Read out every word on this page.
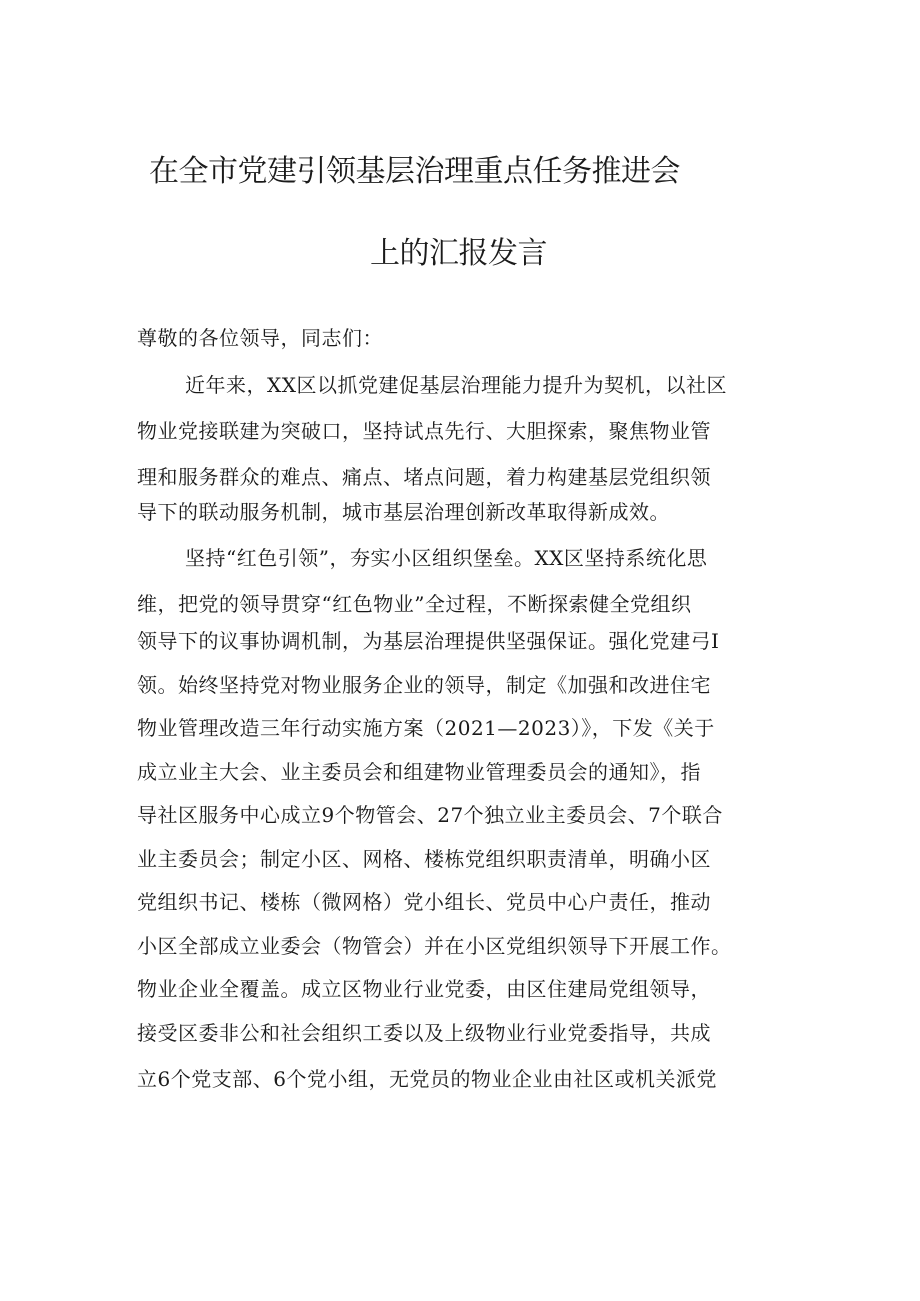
在全市党建引领基层治理重点任务推进会
上的汇报发言
尊敬的各位领导，同志们：
近年来，XX区以抓党建促基层治理能力提升为契机，以社区
物业党接联建为突破口，坚持试点先行、大胆探索，聚焦物业管
理和服务群众的难点、痛点、堵点问题，着力构建基层党组织领
导下的联动服务机制，城市基层治理创新改革取得新成效。
坚持“红色引领”，夯实小区组织堡垒。XX区坚持系统化思
维，把党的领导贯穿“红色物业”全过程，不断探索健全党组织
领导下的议事协调机制，为基层治理提供坚强保证。强化党建弓I
领。始终坚持党对物业服务企业的领导，制定《加强和改进住宅
物业管理改造三年行动实施方案（2021—2023）》，下发《关于
成立业主大会、业主委员会和组建物业管理委员会的通知》，指
导社区服务中心成立9个物管会、27个独立业主委员会、7个联合
业主委员会；制定小区、网格、楼栋党组织职责清单，明确小区
党组织书记、楼栋（微网格）党小组长、党员中心户责任，推动
小区全部成立业委会（物管会）并在小区党组织领导下开展工作。
物业企业全覆盖。成立区物业行业党委，由区住建局党组领导，
接受区委非公和社会组织工委以及上级物业行业党委指导，共成
立6个党支部、6个党小组，无党员的物业企业由社区或机关派党
